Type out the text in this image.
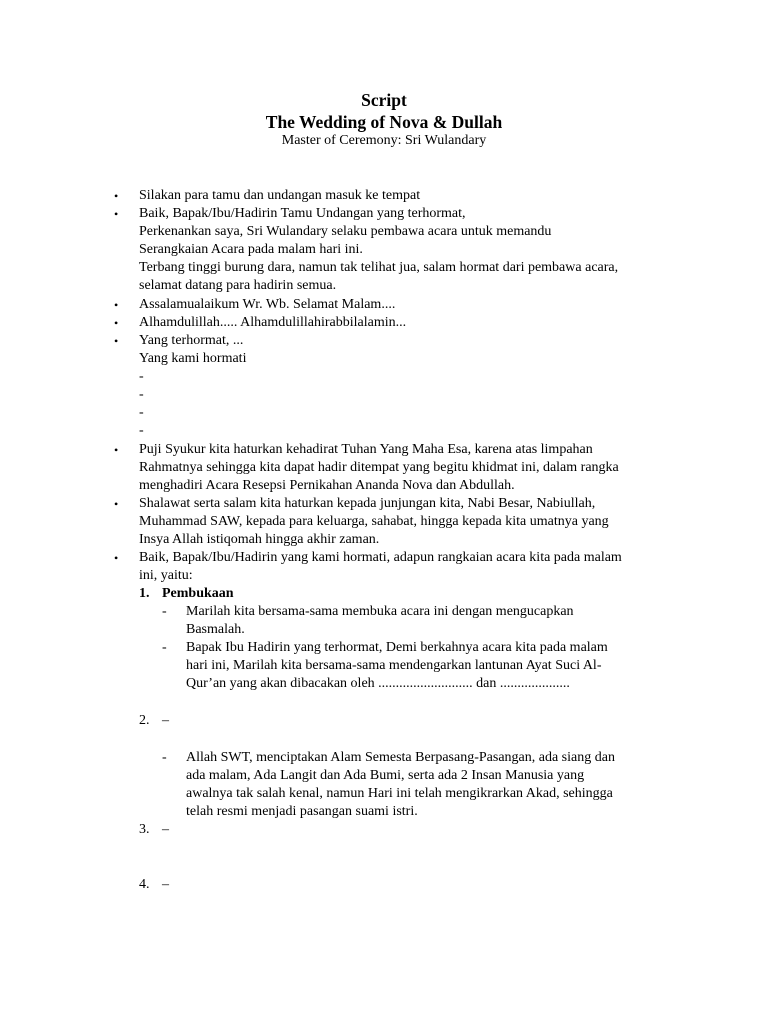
Script
The Wedding of Nova & Dullah
Master of Ceremony: Sri Wulandary
•	Silakan para tamu dan undangan masuk ke tempat
•	Baik, Bapak/Ibu/Hadirin Tamu Undangan yang terhormat,
Perkenankan saya, Sri Wulandary selaku pembawa acara untuk memandu
Serangkaian Acara pada malam hari ini.
Terbang tinggi burung dara, namun tak telihat jua, salam hormat dari pembawa acara,
selamat datang para hadirin semua.
•	Assalamualaikum Wr. Wb. Selamat Malam....
•	Alhamdulillah..... Alhamdulillahirabbilalamin...
•	Yang terhormat, ...
Yang kami hormati
-
-
-
-
•	Puji Syukur kita haturkan kehadirat Tuhan Yang Maha Esa, karena atas limpahan
Rahmatnya sehingga kita dapat hadir ditempat yang begitu khidmat ini, dalam rangka
menghadiri Acara Resepsi Pernikahan Ananda Nova dan Abdullah.
•	Shalawat serta salam kita haturkan kepada junjungan kita, Nabi Besar, Nabiullah,
Muhammad SAW, kepada para keluarga, sahabat, hingga kepada kita umatnya yang
Insya Allah istiqomah hingga akhir zaman.
•	Baik, Bapak/Ibu/Hadirin yang kami hormati, adapun rangkaian acara kita pada malam
ini, yaitu:
1. Pembukaan
- Marilah kita bersama-sama membuka acara ini dengan mengucapkan
Basmalah.
- Bapak Ibu Hadirin yang terhormat, Demi berkahnya acara kita pada malam
hari ini, Marilah kita bersama-sama mendengarkan lantunan Ayat Suci Al-
Qur’an yang akan dibacakan oleh ........................... dan ....................
2. –
- Allah SWT, menciptakan Alam Semesta Berpasang-Pasangan, ada siang dan
ada malam, Ada Langit dan Ada Bumi, serta ada 2 Insan Manusia yang
awalnya tak salah kenal, namun Hari ini telah mengikrarkan Akad, sehingga
telah resmi menjadi pasangan suami istri.
3. –
4. –
